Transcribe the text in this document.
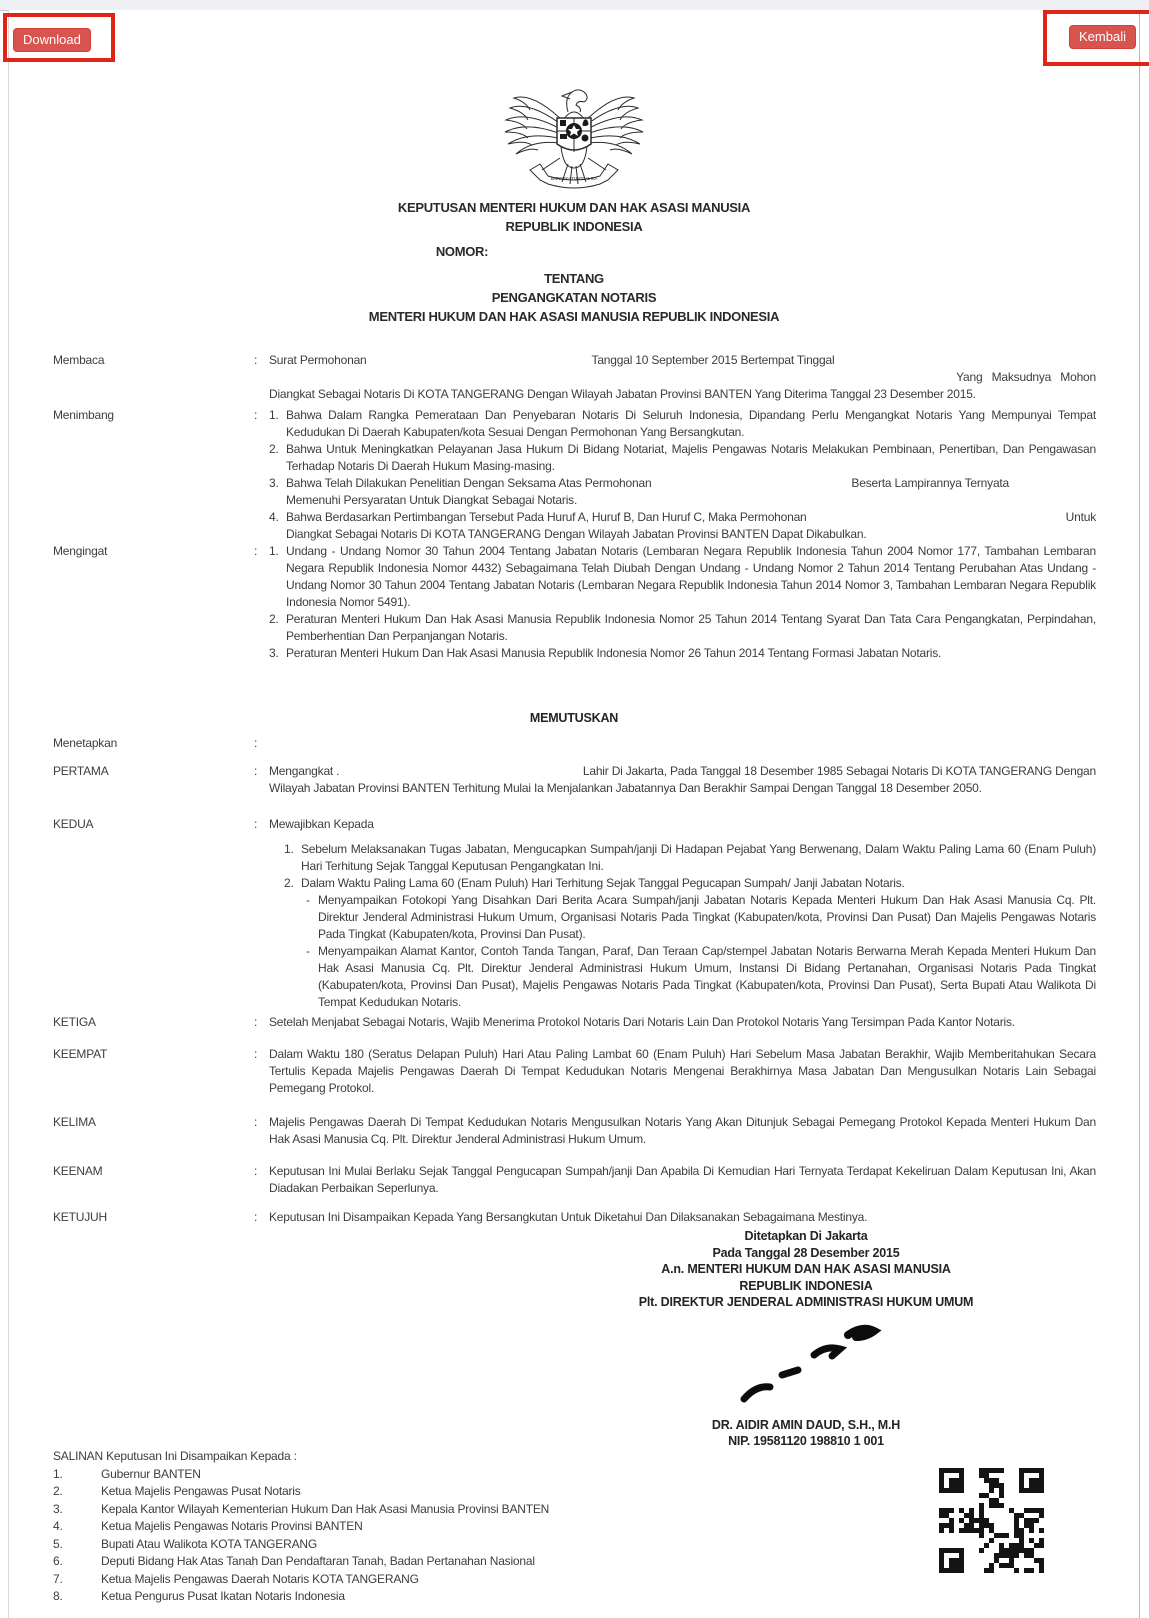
Download	Kembali
BHINNEKA TUNGGAL IKA
KEPUTUSAN MENTERI HUKUM DAN HAK ASASI MANUSIA
REPUBLIK INDONESIA
NOMOR:
TENTANG
PENGANGKATAN NOTARIS
MENTERI HUKUM DAN HAK ASASI MANUSIA REPUBLIK INDONESIA
Membaca	: Surat Permohonan	Tanggal 10 September 2015 Bertempat Tinggal
Yang Maksudnya Mohon
Diangkat Sebagai Notaris Di KOTA TANGERANG Dengan Wilayah Jabatan Provinsi BANTEN Yang Diterima Tanggal 23 Desember 2015.
Menimbang	: 1. Bahwa Dalam Rangka Pemerataan Dan Penyebaran Notaris Di Seluruh Indonesia, Dipandang Perlu Mengangkat Notaris Yang Mempunyai Tempat Kedudukan Di Daerah Kabupaten/kota Sesuai Dengan Permohonan Yang Bersangkutan.
2. Bahwa Untuk Meningkatkan Pelayanan Jasa Hukum Di Bidang Notariat, Majelis Pengawas Notaris Melakukan Pembinaan, Penertiban, Dan Pengawasan Terhadap Notaris Di Daerah Hukum Masing-masing.
3. Bahwa Telah Dilakukan Penelitian Dengan Seksama Atas Permohonan	Beserta Lampirannya Ternyata
Memenuhi Persyaratan Untuk Diangkat Sebagai Notaris.
4. Bahwa Berdasarkan Pertimbangan Tersebut Pada Huruf A, Huruf B, Dan Huruf C, Maka Permohonan	Untuk
Diangkat Sebagai Notaris Di KOTA TANGERANG Dengan Wilayah Jabatan Provinsi BANTEN Dapat Dikabulkan.
Mengingat	: 1. Undang - Undang Nomor 30 Tahun 2004 Tentang Jabatan Notaris (Lembaran Negara Republik Indonesia Tahun 2004 Nomor 177, Tambahan Lembaran Negara Republik Indonesia Nomor 4432) Sebagaimana Telah Diubah Dengan Undang - Undang Nomor 2 Tahun 2014 Tentang Perubahan Atas Undang - Undang Nomor 30 Tahun 2004 Tentang Jabatan Notaris (Lembaran Negara Republik Indonesia Tahun 2014 Nomor 3, Tambahan Lembaran Negara Republik Indonesia Nomor 5491).
2. Peraturan Menteri Hukum Dan Hak Asasi Manusia Republik Indonesia Nomor 25 Tahun 2014 Tentang Syarat Dan Tata Cara Pengangkatan, Perpindahan, Pemberhentian Dan Perpanjangan Notaris.
3. Peraturan Menteri Hukum Dan Hak Asasi Manusia Republik Indonesia Nomor 26 Tahun 2014 Tentang Formasi Jabatan Notaris.
MEMUTUSKAN
Menetapkan	:
PERTAMA	: Mengangkat .	Lahir Di Jakarta, Pada Tanggal 18 Desember 1985 Sebagai Notaris Di KOTA TANGERANG Dengan
Wilayah Jabatan Provinsi BANTEN Terhitung Mulai Ia Menjalankan Jabatannya Dan Berakhir Sampai Dengan Tanggal 18 Desember 2050.
KEDUA	: Mewajibkan Kepada
1. Sebelum Melaksanakan Tugas Jabatan, Mengucapkan Sumpah/janji Di Hadapan Pejabat Yang Berwenang, Dalam Waktu Paling Lama 60 (Enam Puluh) Hari Terhitung Sejak Tanggal Keputusan Pengangkatan Ini.
2. Dalam Waktu Paling Lama 60 (Enam Puluh) Hari Terhitung Sejak Tanggal Pegucapan Sumpah/ Janji Jabatan Notaris.
- Menyampaikan Fotokopi Yang Disahkan Dari Berita Acara Sumpah/janji Jabatan Notaris Kepada Menteri Hukum Dan Hak Asasi Manusia Cq. Plt. Direktur Jenderal Administrasi Hukum Umum, Organisasi Notaris Pada Tingkat (Kabupaten/kota, Provinsi Dan Pusat) Dan Majelis Pengawas Notaris Pada Tingkat (Kabupaten/kota, Provinsi Dan Pusat).
- Menyampaikan Alamat Kantor, Contoh Tanda Tangan, Paraf, Dan Teraan Cap/stempel Jabatan Notaris Berwarna Merah Kepada Menteri Hukum Dan Hak Asasi Manusia Cq. Plt. Direktur Jenderal Administrasi Hukum Umum, Instansi Di Bidang Pertanahan, Organisasi Notaris Pada Tingkat (Kabupaten/kota, Provinsi Dan Pusat), Majelis Pengawas Notaris Pada Tingkat (Kabupaten/kota, Provinsi Dan Pusat), Serta Bupati Atau Walikota Di Tempat Kedudukan Notaris.
KETIGA	: Setelah Menjabat Sebagai Notaris, Wajib Menerima Protokol Notaris Dari Notaris Lain Dan Protokol Notaris Yang Tersimpan Pada Kantor Notaris.
KEEMPAT	: Dalam Waktu 180 (Seratus Delapan Puluh) Hari Atau Paling Lambat 60 (Enam Puluh) Hari Sebelum Masa Jabatan Berakhir, Wajib Memberitahukan Secara Tertulis Kepada Majelis Pengawas Daerah Di Tempat Kedudukan Notaris Mengenai Berakhirnya Masa Jabatan Dan Mengusulkan Notaris Lain Sebagai Pemegang Protokol.
KELIMA	: Majelis Pengawas Daerah Di Tempat Kedudukan Notaris Mengusulkan Notaris Yang Akan Ditunjuk Sebagai Pemegang Protokol Kepada Menteri Hukum Dan Hak Asasi Manusia Cq. Plt. Direktur Jenderal Administrasi Hukum Umum.
KEENAM	: Keputusan Ini Mulai Berlaku Sejak Tanggal Pengucapan Sumpah/janji Dan Apabila Di Kemudian Hari Ternyata Terdapat Kekeliruan Dalam Keputusan Ini, Akan Diadakan Perbaikan Seperlunya.
KETUJUH	: Keputusan Ini Disampaikan Kepada Yang Bersangkutan Untuk Diketahui Dan Dilaksanakan Sebagaimana Mestinya.
Ditetapkan Di Jakarta
Pada Tanggal 28 Desember 2015
A.n. MENTERI HUKUM DAN HAK ASASI MANUSIA
REPUBLIK INDONESIA
Plt. DIREKTUR JENDERAL ADMINISTRASI HUKUM UMUM
DR. AIDIR AMIN DAUD, S.H., M.H
NIP. 19581120 198810 1 001
SALINAN Keputusan Ini Disampaikan Kepada :
1.	Gubernur BANTEN
2.	Ketua Majelis Pengawas Pusat Notaris
3.	Kepala Kantor Wilayah Kementerian Hukum Dan Hak Asasi Manusia Provinsi BANTEN
4.	Ketua Majelis Pengawas Notaris Provinsi BANTEN
5.	Bupati Atau Walikota KOTA TANGERANG
6.	Deputi Bidang Hak Atas Tanah Dan Pendaftaran Tanah, Badan Pertanahan Nasional
7.	Ketua Majelis Pengawas Daerah Notaris KOTA TANGERANG
8.	Ketua Pengurus Pusat Ikatan Notaris Indonesia
